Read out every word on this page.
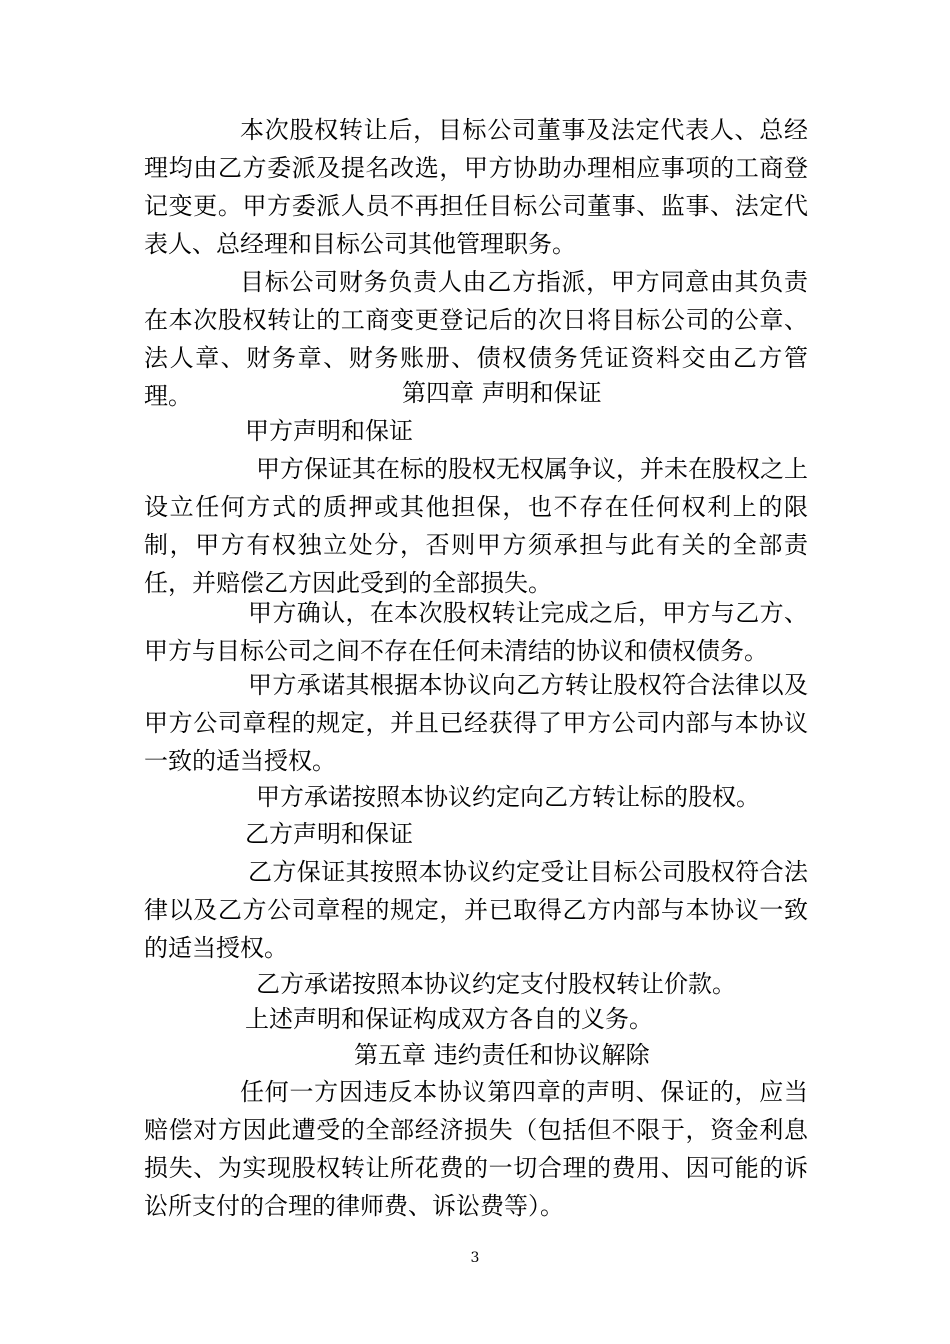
本次股权转让后，目标公司董事及法定代表人、总经理均由乙方委派及提名改选，甲方协助办理相应事项的工商登记变更。甲方委派人员不再担任目标公司董事、监事、法定代表人、总经理和目标公司其他管理职务。

目标公司财务负责人由乙方指派，甲方同意由其负责在本次股权转让的工商变更登记后的次日将目标公司的公章、法人章、财务章、财务账册、债权债务凭证资料交由乙方管理。	第四章 声明和保证
甲方声明和保证

甲方保证其在标的股权无权属争议，并未在股权之上设立任何方式的质押或其他担保，也不存在任何权利上的限制，甲方有权独立处分，否则甲方须承担与此有关的全部责任，并赔偿乙方因此受到的全部损失。

甲方确认，在本次股权转让完成之后，甲方与乙方、甲方与目标公司之间不存在任何未清结的协议和债权债务。

甲方承诺其根据本协议向乙方转让股权符合法律以及甲方公司章程的规定，并且已经获得了甲方公司内部与本协议一致的适当授权。

甲方承诺按照本协议约定向乙方转让标的股权。
乙方声明和保证

乙方保证其按照本协议约定受让目标公司股权符合法律以及乙方公司章程的规定，并已取得乙方内部与本协议一致的适当授权。

乙方承诺按照本协议约定支付股权转让价款。
上述声明和保证构成双方各自的义务。
第五章 违约责任和协议解除

任何一方因违反本协议第四章的声明、保证的，应当赔偿对方因此遭受的全部经济损失（包括但不限于，资金利息损失、为实现股权转让所花费的一切合理的费用、因可能的诉讼所支付的合理的律师费、诉讼费等）。

3
